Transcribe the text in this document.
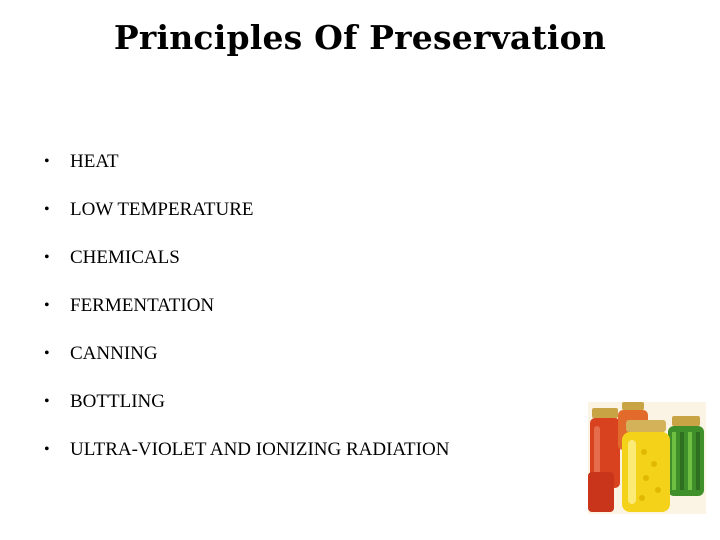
Principles Of Preservation
•	HEAT
•	LOW TEMPERATURE
•	CHEMICALS
•	FERMENTATION
•	CANNING
•	BOTTLING
•	ULTRA-VIOLET AND IONIZING RADIATION
